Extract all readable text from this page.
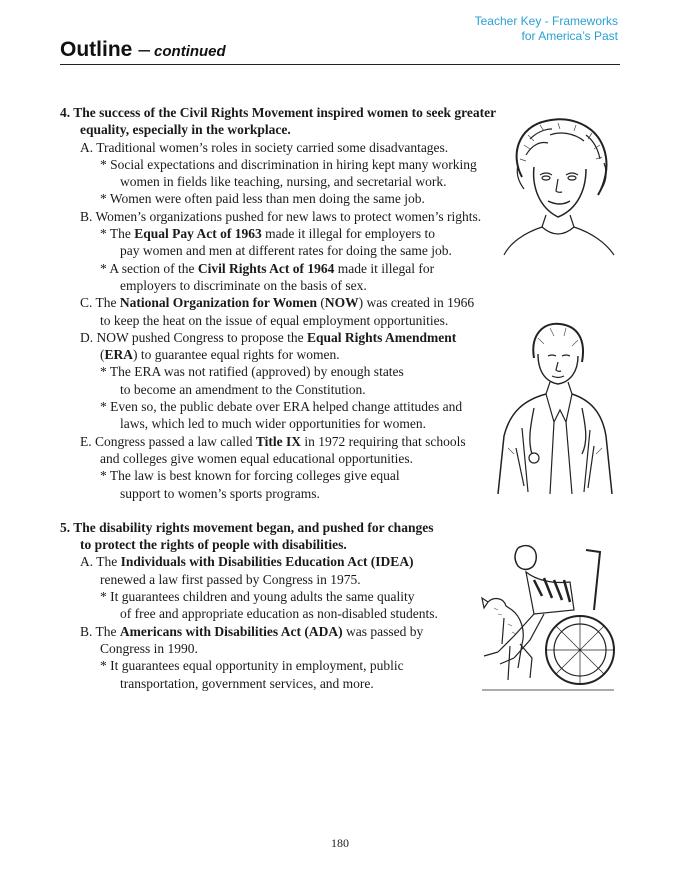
Teacher Key - Frameworks
for America’s Past
Outline – continued
4. The success of the Civil Rights Movement inspired women to seek greater
equality, especially in the workplace.
A. Traditional women’s roles in society carried some disadvantages.
* Social expectations and discrimination in hiring kept many working
women in fields like teaching, nursing, and secretarial work.
* Women were often paid less than men doing the same job.
B. Women’s organizations pushed for new laws to protect women’s rights.
* The Equal Pay Act of 1963 made it illegal for employers to
pay women and men at different rates for doing the same job.
* A section of the Civil Rights Act of 1964 made it illegal for
employers to discriminate on the basis of sex.
C. The National Organization for Women (NOW) was created in 1966
to keep the heat on the issue of equal employment opportunities.
D. NOW pushed Congress to propose the Equal Rights Amendment
(ERA) to guarantee equal rights for women.
* The ERA was not ratified (approved) by enough states
to become an amendment to the Constitution.
* Even so, the public debate over ERA helped change attitudes and
laws, which led to much wider opportunities for women.
E. Congress passed a law called Title IX in 1972 requiring that schools
and colleges give women equal educational opportunities.
* The law is best known for forcing colleges give equal
support to women’s sports programs.
5. The disability rights movement began, and pushed for changes
to protect the rights of people with disabilities.
A. The Individuals with Disabilities Education Act (IDEA)
renewed a law first passed by Congress in 1975.
* It guarantees children and young adults the same quality
of free and appropriate education as non-disabled students.
B. The Americans with Disabilities Act (ADA) was passed by
Congress in 1990.
* It guarantees equal opportunity in employment, public
transportation, government services, and more.
180
